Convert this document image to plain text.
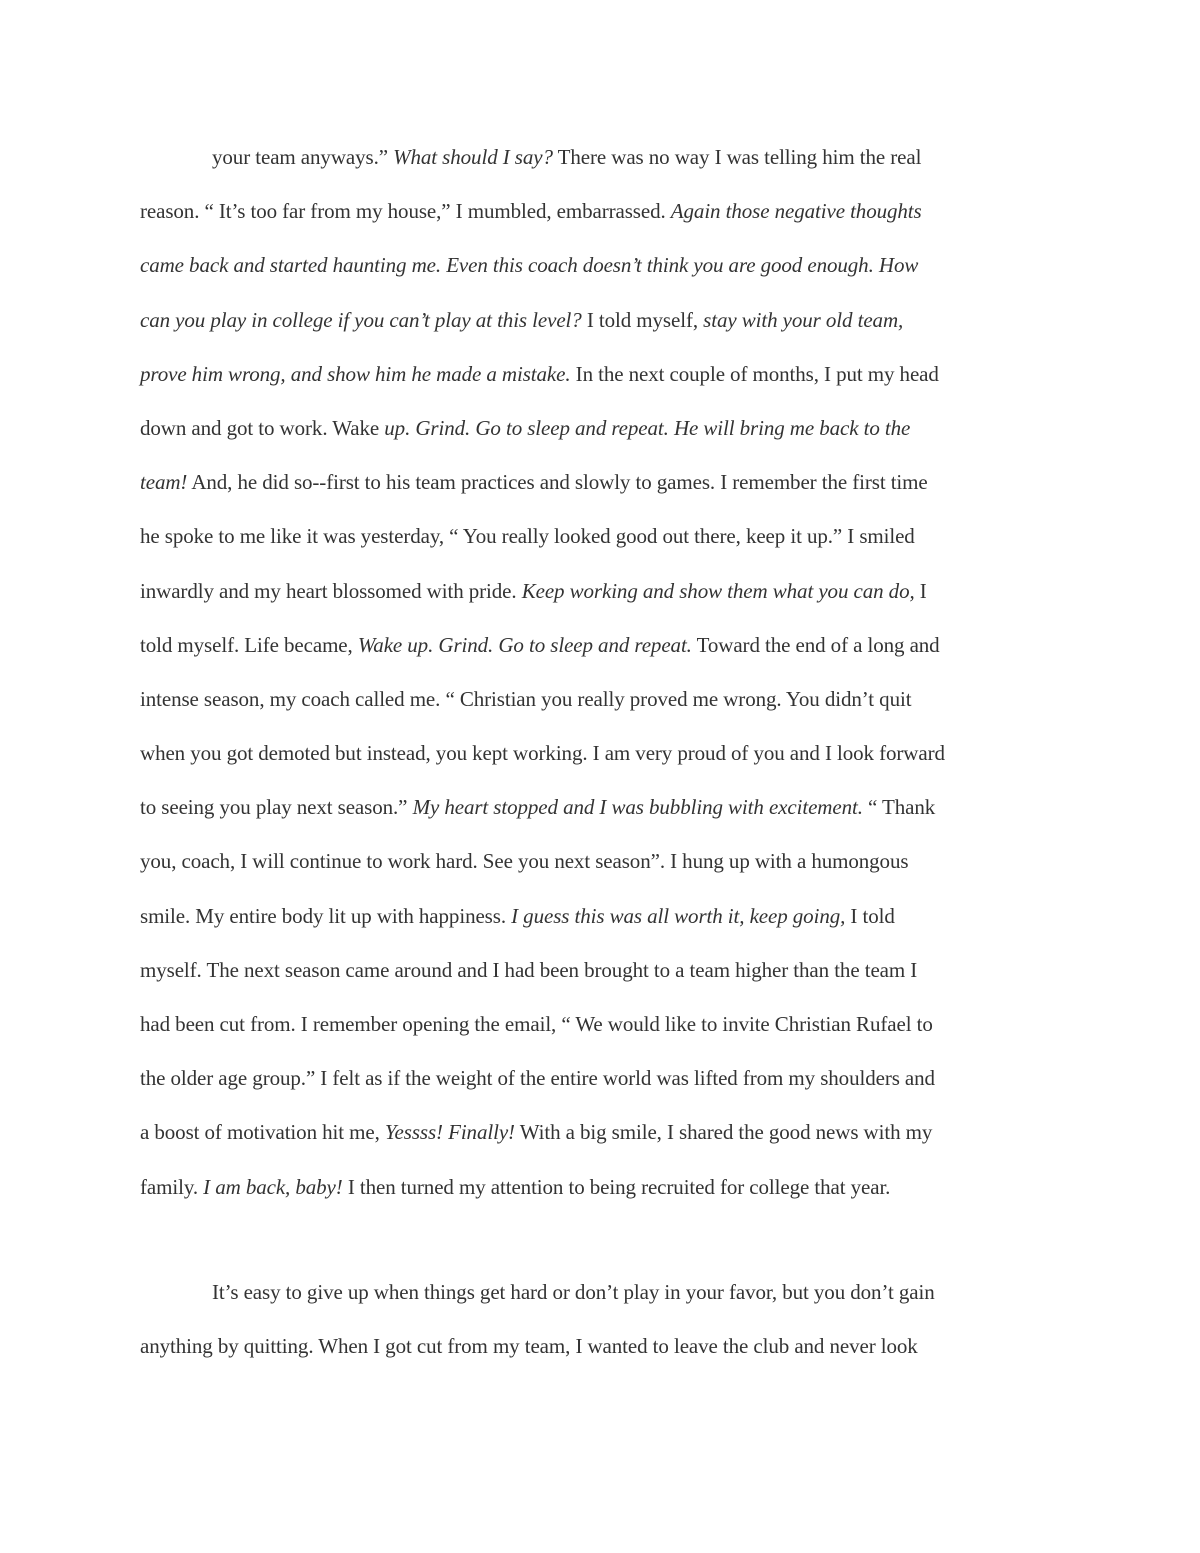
your team anyways.” What should I say? There was no way I was telling him the real
reason. “ It’s too far from my house,” I mumbled, embarrassed. Again those negative thoughts
came back and started haunting me. Even this coach doesn’t think you are good enough. How
can you play in college if you can’t play at this level? I told myself, stay with your old team,
prove him wrong, and show him he made a mistake. In the next couple of months, I put my head
down and got to work. Wake up. Grind. Go to sleep and repeat. He will bring me back to the
team! And, he did so--first to his team practices and slowly to games. I remember the first time
he spoke to me like it was yesterday, “ You really looked good out there, keep it up.” I smiled
inwardly and my heart blossomed with pride. Keep working and show them what you can do, I
told myself. Life became, Wake up. Grind. Go to sleep and repeat. Toward the end of a long and
intense season, my coach called me. “ Christian you really proved me wrong. You didn’t quit
when you got demoted but instead, you kept working. I am very proud of you and I look forward
to seeing you play next season.” My heart stopped and I was bubbling with excitement. “ Thank
you, coach, I will continue to work hard. See you next season”. I hung up with a humongous
smile. My entire body lit up with happiness. I guess this was all worth it, keep going, I told
myself. The next season came around and I had been brought to a team higher than the team I
had been cut from. I remember opening the email, “ We would like to invite Christian Rufael to
the older age group.” I felt as if the weight of the entire world was lifted from my shoulders and
a boost of motivation hit me, Yessss! Finally! With a big smile, I shared the good news with my
family. I am back, baby! I then turned my attention to being recruited for college that year.
It’s easy to give up when things get hard or don’t play in your favor, but you don’t gain
anything by quitting. When I got cut from my team, I wanted to leave the club and never look
